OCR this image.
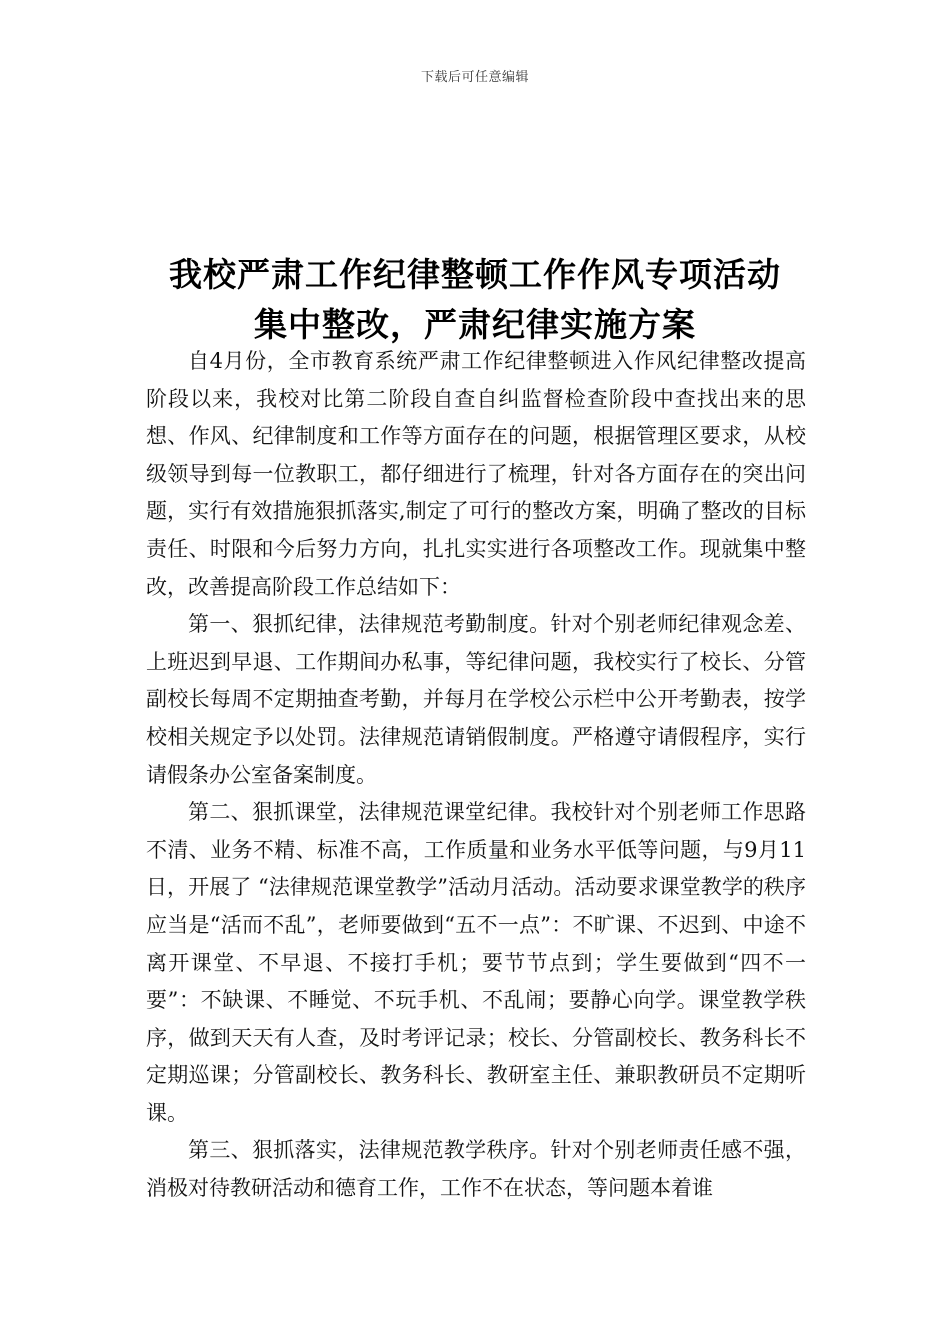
下载后可任意编辑
我校严肃工作纪律整顿工作作风专项活动
集中整改，严肃纪律实施方案

自4月份，全市教育系统严肃工作纪律整顿进入作风纪律整改提高阶段以来，我校对比第二阶段自查自纠监督检查阶段中查找出来的思想、作风、纪律制度和工作等方面存在的问题，根据管理区要求，从校级领导到每一位教职工，都仔细进行了梳理，针对各方面存在的突出问题，实行有效措施狠抓落实,制定了可行的整改方案，明确了整改的目标责任、时限和今后努力方向，扎扎实实进行各项整改工作。现就集中整改，改善提高阶段工作总结如下：

第一、狠抓纪律，法律规范考勤制度。针对个别老师纪律观念差、上班迟到早退、工作期间办私事，等纪律问题，我校实行了校长、分管副校长每周不定期抽查考勤，并每月在学校公示栏中公开考勤表，按学校相关规定予以处罚。法律规范请销假制度。严格遵守请假程序，实行请假条办公室备案制度。

第二、狠抓课堂，法律规范课堂纪律。我校针对个别老师工作思路不清、业务不精、标准不高，工作质量和业务水平低等问题，与9月11日，开展了 “法律规范课堂教学”活动月活动。活动要求课堂教学的秩序应当是“活而不乱”，老师要做到“五不一点”：不旷课、不迟到、中途不离开课堂、不早退、不接打手机；要节节点到；学生要做到“四不一要”：不缺课、不睡觉、不玩手机、不乱闹；要静心向学。课堂教学秩序，做到天天有人查，及时考评记录；校长、分管副校长、教务科长不定期巡课；分管副校长、教务科长、教研室主任、兼职教研员不定期听课。

第三、狠抓落实，法律规范教学秩序。针对个别老师责任感不强，消极对待教研活动和德育工作，工作不在状态，等问题本着谁
